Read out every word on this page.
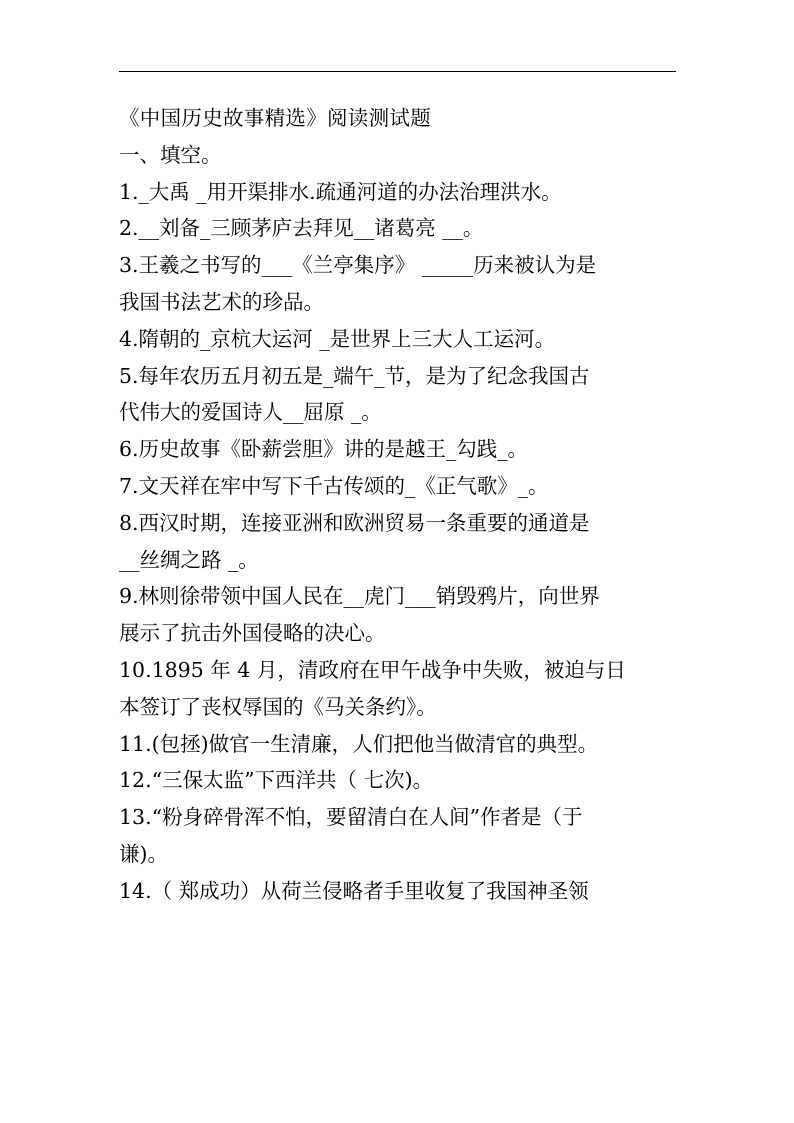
《中国历史故事精选》阅读测试题
一、填空。
1._大禹 _用开渠排水.疏通河道的办法治理洪水。
2.__刘备_三顾茅庐去拜见__诸葛亮 __。
3.王羲之书写的___《兰亭集序》 _____历来被认为是
我国书法艺术的珍品。
4.隋朝的_京杭大运河 _是世界上三大人工运河。
5.每年农历五月初五是_端午_节，是为了纪念我国古
代伟大的爱国诗人__屈原 _。
6.历史故事《卧薪尝胆》讲的是越王_勾践_。
7.文天祥在牢中写下千古传颂的_《正气歌》_。
8.西汉时期，连接亚洲和欧洲贸易一条重要的通道是
__丝绸之路 _。
9.林则徐带领中国人民在__虎门___销毁鸦片，向世界
展示了抗击外国侵略的决心。
10.1895 年 4 月，清政府在甲午战争中失败，被迫与日
本签订了丧权辱国的《马关条约》。
11.(包拯)做官一生清廉，人们把他当做清官的典型。
12.“三保太监”下西洋共（ 七次)。
13.“粉身碎骨浑不怕，要留清白在人间”作者是（于
谦)。
14.（ 郑成功）从荷兰侵略者手里收复了我国神圣领
